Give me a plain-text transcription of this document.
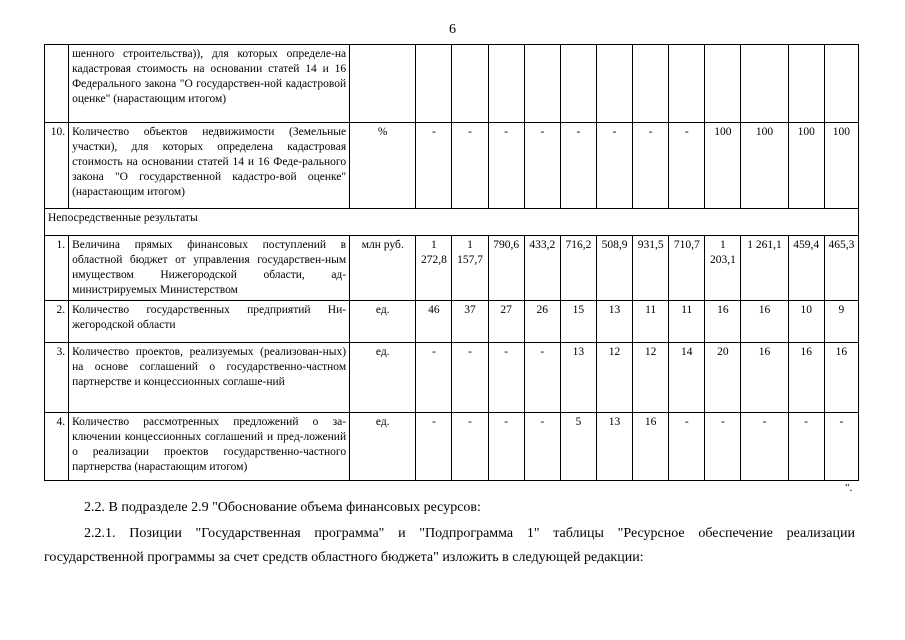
6
	шенного строительства)), для которых определе-на кадастровая стоимость на основании статей 14 и 16 Федерального закона "О государствен-ной кадастровой оценке" (нарастающим итогом)													
10.	Количество объектов недвижимости (Земельные участки), для которых определена кадастровая стоимость на основании статей 14 и 16 Феде-рального закона "О государственной кадастро-вой оценке" (нарастающим итогом)	%	-	-	-	-	-	-	-	-	100	100	100	100
Непосредственные результаты														
1.	Величина прямых финансовых поступлений в областной бюджет от управления государствен-ным имуществом Нижегородской области, ад-министрируемых Министерством	млн руб.	1 272,8	1 157,7	790,6	433,2	716,2	508,9	931,5	710,7	1 203,1	1 261,1	459,4	465,3
2.	Количество государственных предприятий Ни-жегородской области	ед.	46	37	27	26	15	13	11	11	16	16	10	9
3.	Количество проектов, реализуемых (реализован-ных) на основе соглашений о государственно-частном партнерстве и концессионных соглаше-ний	ед.	-	-	-	-	13	12	12	14	20	16	16	16
4.	Количество рассмотренных предложений о за-ключении концессионных соглашений и пред-ложений о реализации проектов государственно-частного партнерства (нарастающим итогом)	ед.	-	-	-	-	5	13	16	-	-	-	-	-
".
2.2. В подразделе 2.9 "Обоснование объема финансовых ресурсов:
2.2.1. Позиции "Государственная программа" и "Подпрограмма 1" таблицы "Ресурсное обеспечение реализации государственной программы за счет средств областного бюджета" изложить в следующей редакции:
